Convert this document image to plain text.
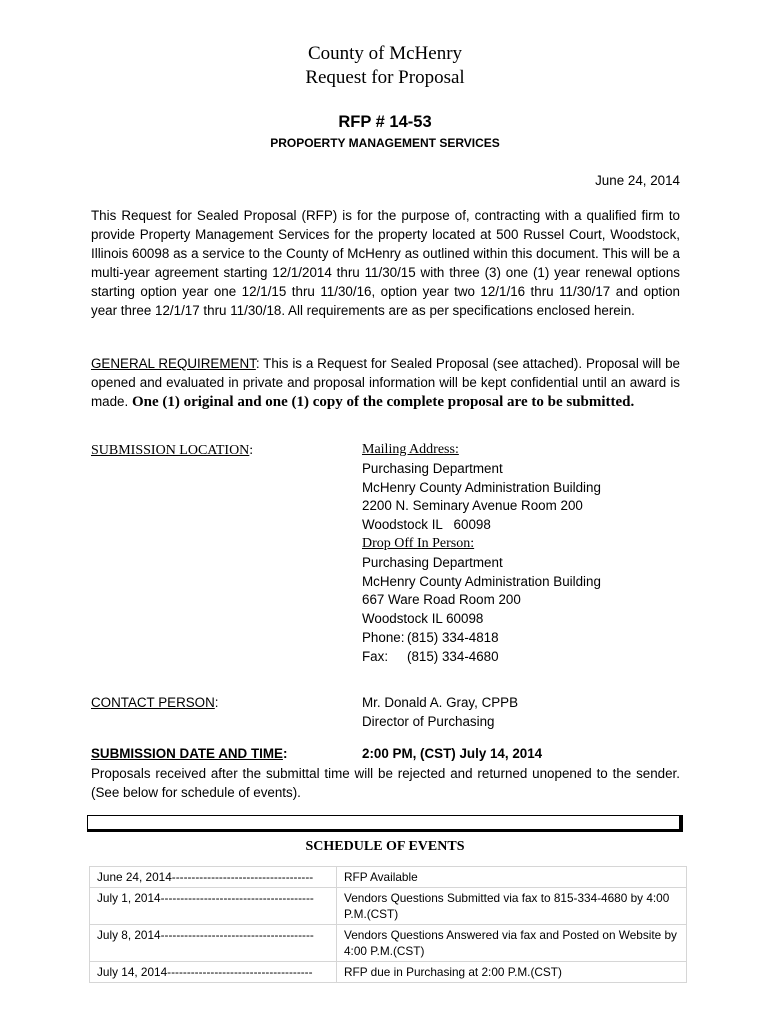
County of McHenry
Request for Proposal
RFP # 14-53
PROPOERTY MANAGEMENT SERVICES
June 24, 2014
This Request for Sealed Proposal (RFP) is for the purpose of, contracting with a qualified firm to provide Property Management Services for the property located at 500 Russel Court, Woodstock, Illinois 60098 as a service to the County of McHenry as outlined within this document. This will be a multi-year agreement starting 12/1/2014 thru 11/30/15 with three (3) one (1) year renewal options starting option year one 12/1/15 thru 11/30/16, option year two 12/1/16 thru 11/30/17 and option year three 12/1/17 thru 11/30/18. All requirements are as per specifications enclosed herein.
GENERAL REQUIREMENT: This is a Request for Sealed Proposal (see attached). Proposal will be opened and evaluated in private and proposal information will be kept confidential until an award is made. One (1) original and one (1) copy of the complete proposal are to be submitted.
SUBMISSION LOCATION:	Mailing Address:
Purchasing Department
McHenry County Administration Building
2200 N. Seminary Avenue Room 200
Woodstock IL   60098
Drop Off In Person:
Purchasing Department
McHenry County Administration Building
667 Ware Road Room 200
Woodstock IL 60098
Phone: (815) 334-4818
Fax: (815) 334-4680
CONTACT PERSON:	Mr. Donald A. Gray, CPPB
Director of Purchasing
SUBMISSION DATE AND TIME:	2:00 PM, (CST) July 14, 2014
Proposals received after the submittal time will be rejected and returned unopened to the sender. (See below for schedule of events).
SCHEDULE OF EVENTS
June 24, 2014------------------------------------	RFP Available
July 1, 2014---------------------------------------	Vendors Questions Submitted via fax to 815-334-4680 by 4:00 P.M.(CST)
July 8, 2014---------------------------------------	Vendors Questions Answered via fax and Posted on Website by 4:00 P.M.(CST)
July 14, 2014-------------------------------------	RFP due in Purchasing at 2:00 P.M.(CST)
